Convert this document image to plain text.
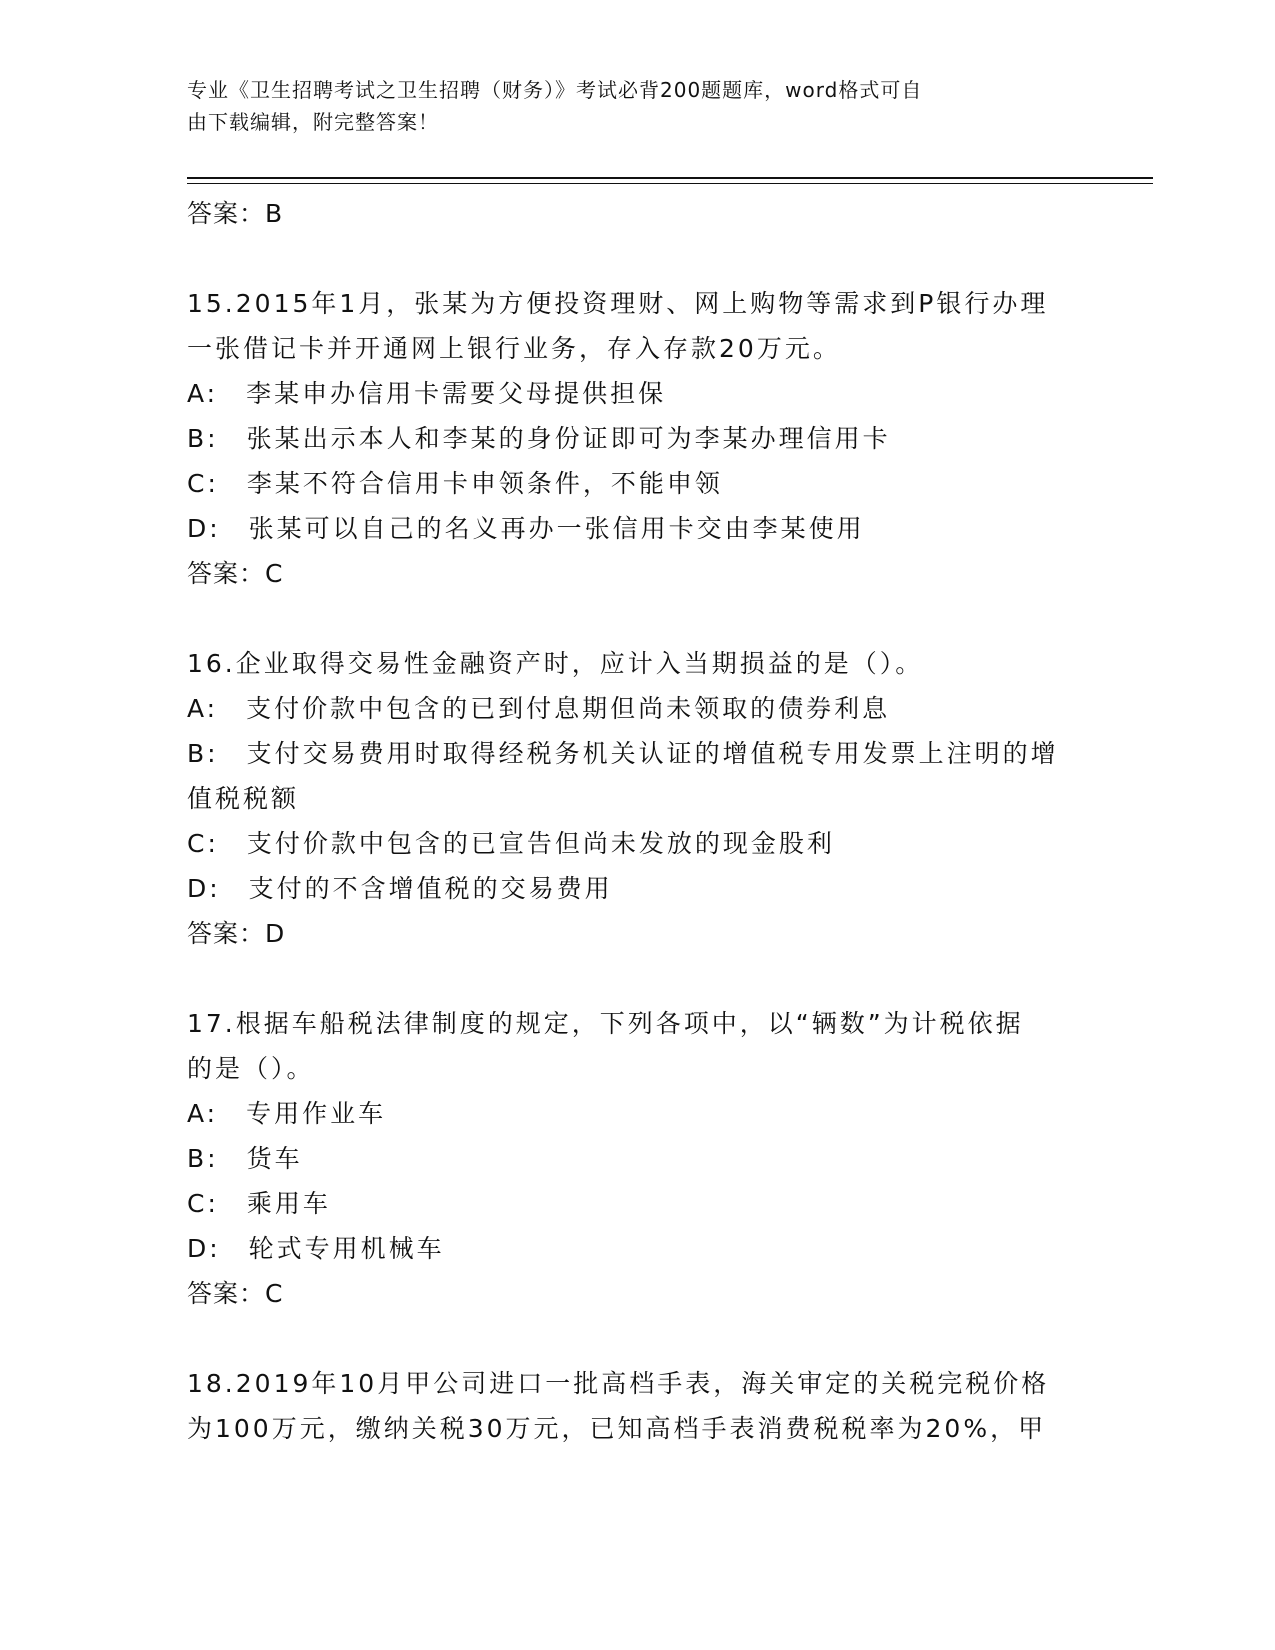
专业《卫生招聘考试之卫生招聘（财务）》考试必背200题题库，word格式可自
由下载编辑，附完整答案！
答案：B
15.2015年1月，张某为方便投资理财、网上购物等需求到P银行办理
一张借记卡并开通网上银行业务，存入存款20万元。
A:　李某申办信用卡需要父母提供担保
B:　张某出示本人和李某的身份证即可为李某办理信用卡
C:　李某不符合信用卡申领条件，不能申领
D:　张某可以自己的名义再办一张信用卡交由李某使用
答案：C
16.企业取得交易性金融资产时，应计入当期损益的是（）。
A:　支付价款中包含的已到付息期但尚未领取的债券利息
B:　支付交易费用时取得经税务机关认证的增值税专用发票上注明的增
值税税额
C:　支付价款中包含的已宣告但尚未发放的现金股利
D:　支付的不含增值税的交易费用
答案：D
17.根据车船税法律制度的规定，下列各项中，以“辆数”为计税依据
的是（）。
A:　专用作业车
B:　货车
C:　乘用车
D:　轮式专用机械车
答案：C
18.2019年10月甲公司进口一批高档手表，海关审定的关税完税价格
为100万元，缴纳关税30万元，已知高档手表消费税税率为20%，甲
